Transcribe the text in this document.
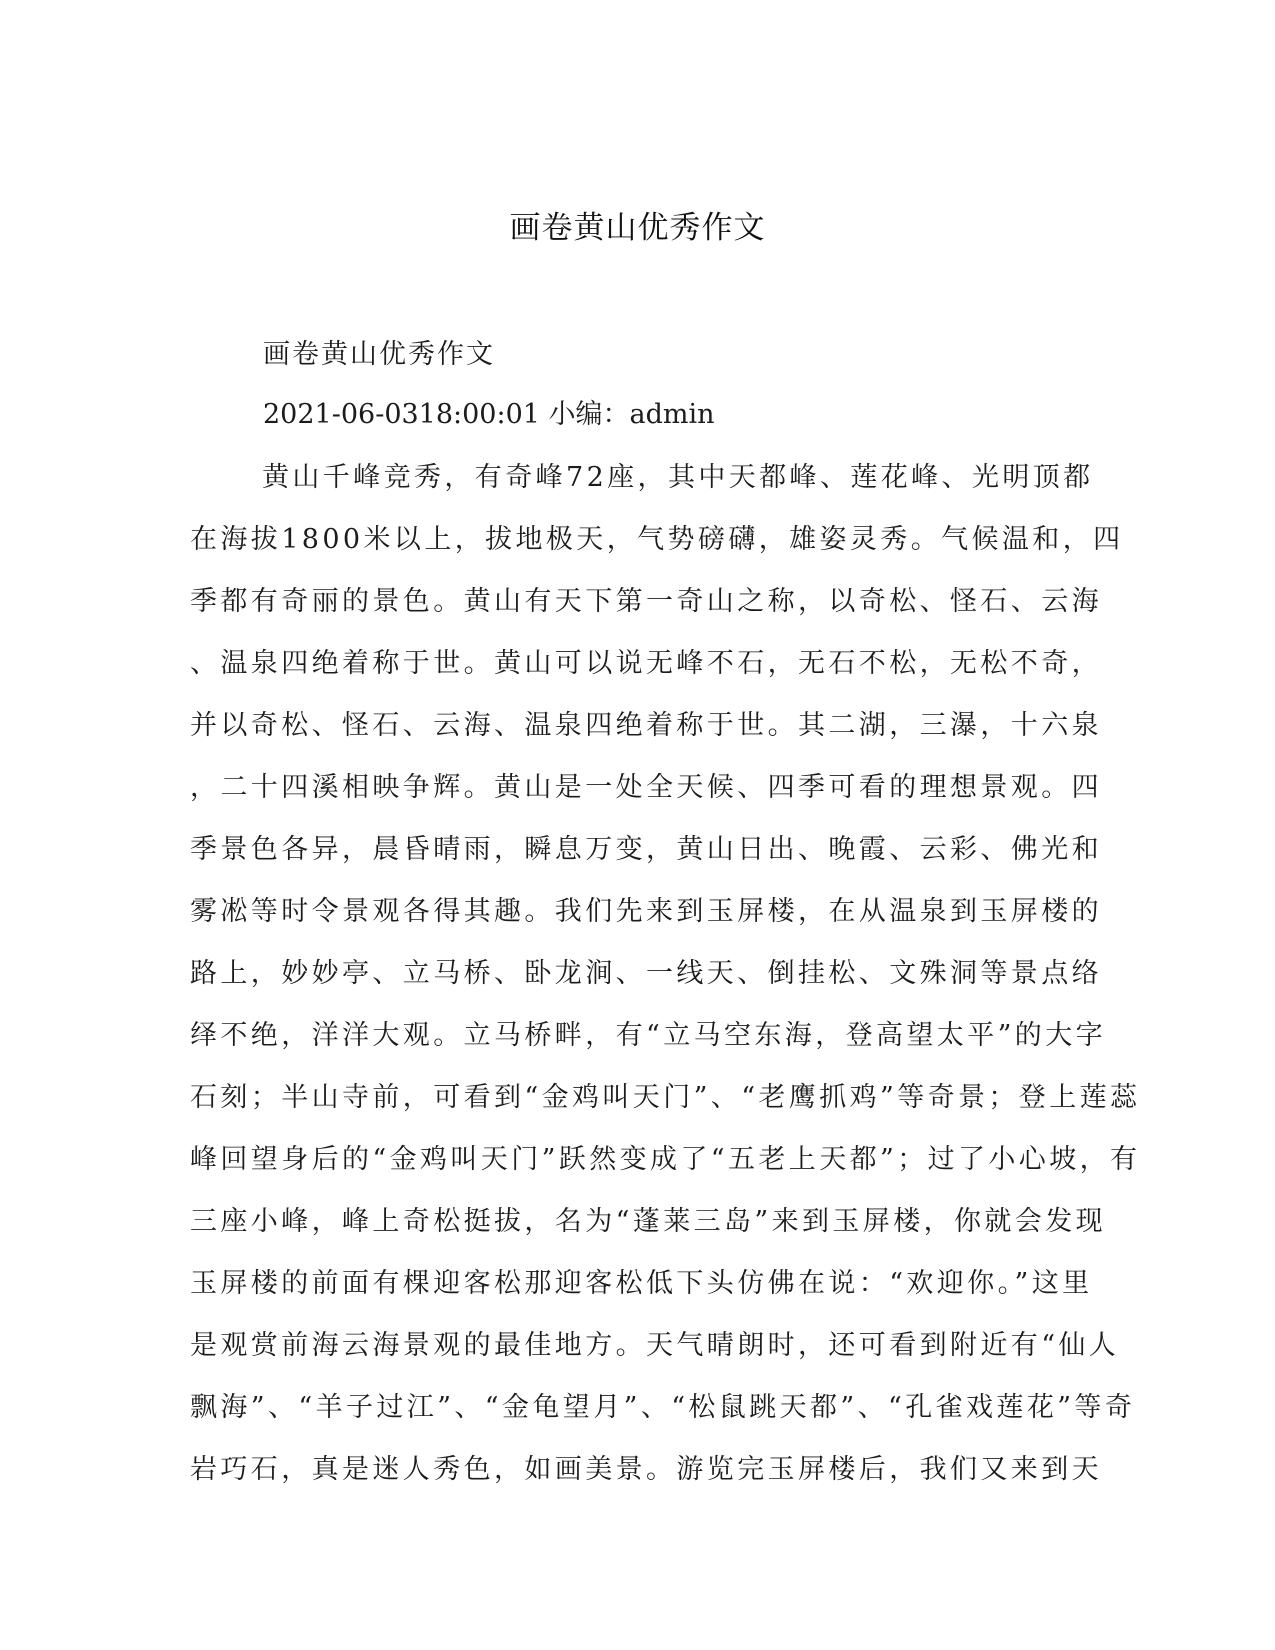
画卷黄山优秀作文
画卷黄山优秀作文
2021-06-0318:00:01 小编：admin
黄山千峰竞秀，有奇峰72座，其中天都峰、莲花峰、光明顶都
在海拔1800米以上，拔地极天，气势磅礴，雄姿灵秀。气候温和，四
季都有奇丽的景色。黄山有天下第一奇山之称，以奇松、怪石、云海
、温泉四绝着称于世。黄山可以说无峰不石，无石不松，无松不奇，
并以奇松、怪石、云海、温泉四绝着称于世。其二湖，三瀑，十六泉
，二十四溪相映争辉。黄山是一处全天候、四季可看的理想景观。四
季景色各异，晨昏晴雨，瞬息万变，黄山日出、晚霞、云彩、佛光和
雾凇等时令景观各得其趣。我们先来到玉屏楼，在从温泉到玉屏楼的
路上，妙妙亭、立马桥、卧龙涧、一线天、倒挂松、文殊洞等景点络
绎不绝，洋洋大观。立马桥畔，有“立马空东海，登高望太平”的大字
石刻；半山寺前，可看到“金鸡叫天门”、“老鹰抓鸡”等奇景；登上莲蕊
峰回望身后的“金鸡叫天门”跃然变成了“五老上天都”；过了小心坡，有
三座小峰，峰上奇松挺拔，名为“蓬莱三岛”来到玉屏楼，你就会发现
玉屏楼的前面有棵迎客松那迎客松低下头仿佛在说：“欢迎你。”这里
是观赏前海云海景观的最佳地方。天气晴朗时，还可看到附近有“仙人
飘海”、“羊子过江”、“金龟望月”、“松鼠跳天都”、“孔雀戏莲花”等奇
岩巧石，真是迷人秀色，如画美景。游览完玉屏楼后，我们又来到天
